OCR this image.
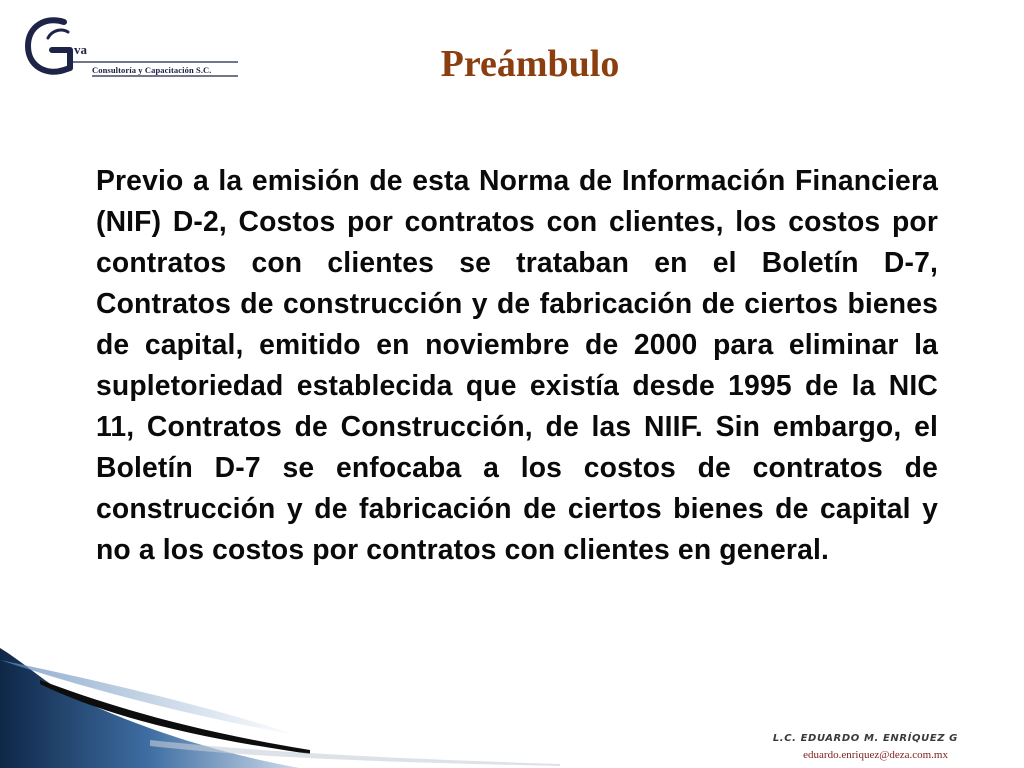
va
Consultoría y Capacitación S.C.	Preámbulo
Previo a la emisión de esta Norma de Información Financiera (NIF) D-2, Costos por contratos con clientes, los costos por contratos con clientes se trataban en el Boletín D-7, Contratos de construcción y de fabricación de ciertos bienes de capital, emitido en noviembre de 2000 para eliminar la supletoriedad establecida que existía desde 1995 de la NIC 11, Contratos de Construcción, de las NIIF. Sin embargo, el Boletín D-7 se enfocaba a los costos de contratos de construcción y de fabricación de ciertos bienes de capital y no a los costos por contratos con clientes en general.
L.C. EDUARDO M. ENRÍQUEZ G
eduardo.enriquez@deza.com.mx
